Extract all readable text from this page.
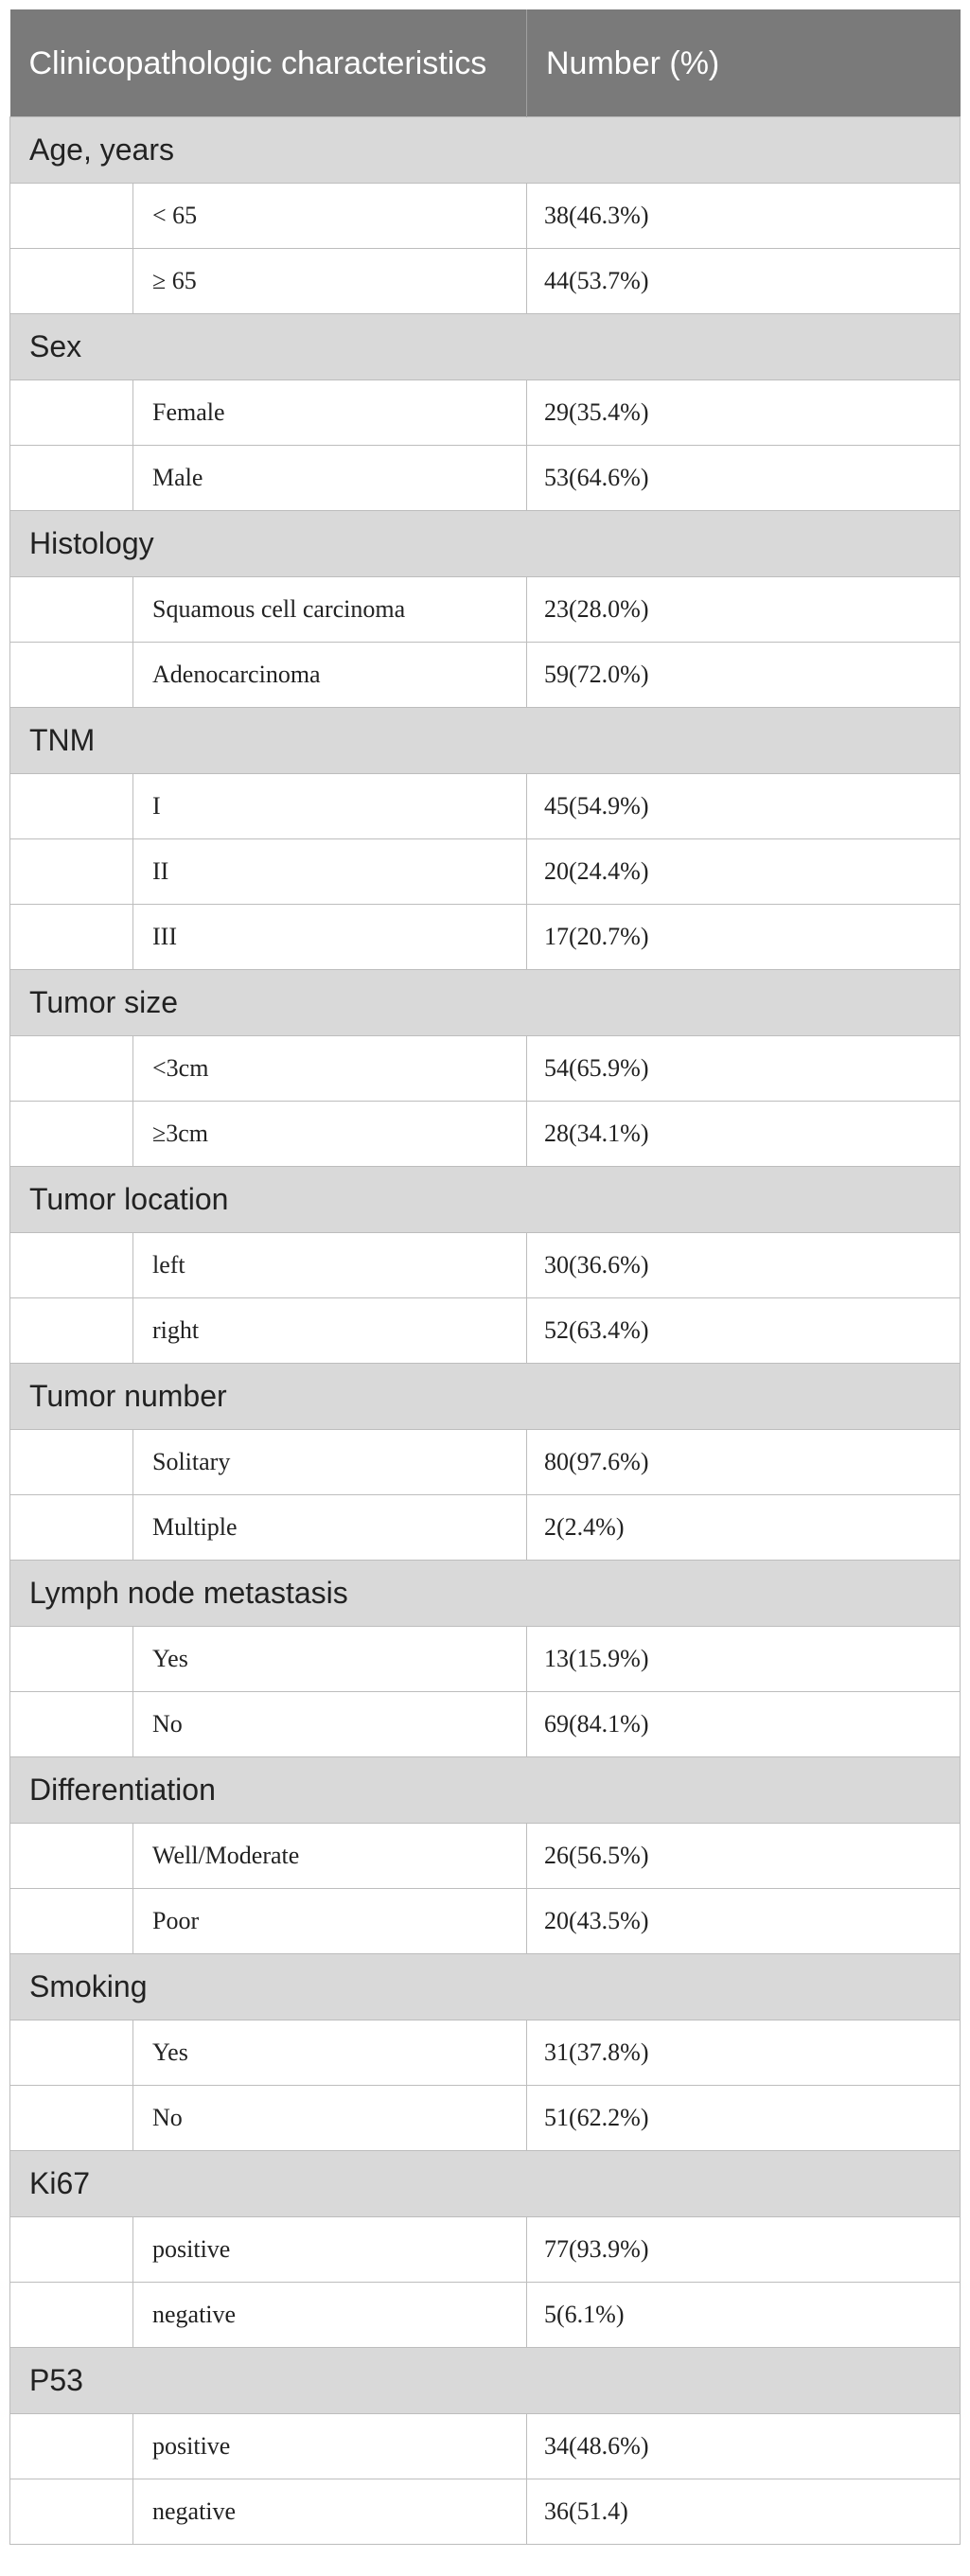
Clinicopathologic characteristics		Number (%)
Age, years		
	< 65	38(46.3%)
	≥ 65	44(53.7%)
Sex		
	Female	29(35.4%)
	Male	53(64.6%)
Histology		
	Squamous cell carcinoma	23(28.0%)
	Adenocarcinoma	59(72.0%)
TNM		
	I	45(54.9%)
	II	20(24.4%)
	III	17(20.7%)
Tumor size		
	<3cm	54(65.9%)
	≥3cm	28(34.1%)
Tumor location		
	left	30(36.6%)
	right	52(63.4%)
Tumor number		
	Solitary	80(97.6%)
	Multiple	2(2.4%)
Lymph node metastasis		
	Yes	13(15.9%)
	No	69(84.1%)
Differentiation		
	Well/Moderate	26(56.5%)
	Poor	20(43.5%)
Smoking		
	Yes	31(37.8%)
	No	51(62.2%)
Ki67		
	positive	77(93.9%)
	negative	5(6.1%)
P53		
	positive	34(48.6%)
	negative	36(51.4)
